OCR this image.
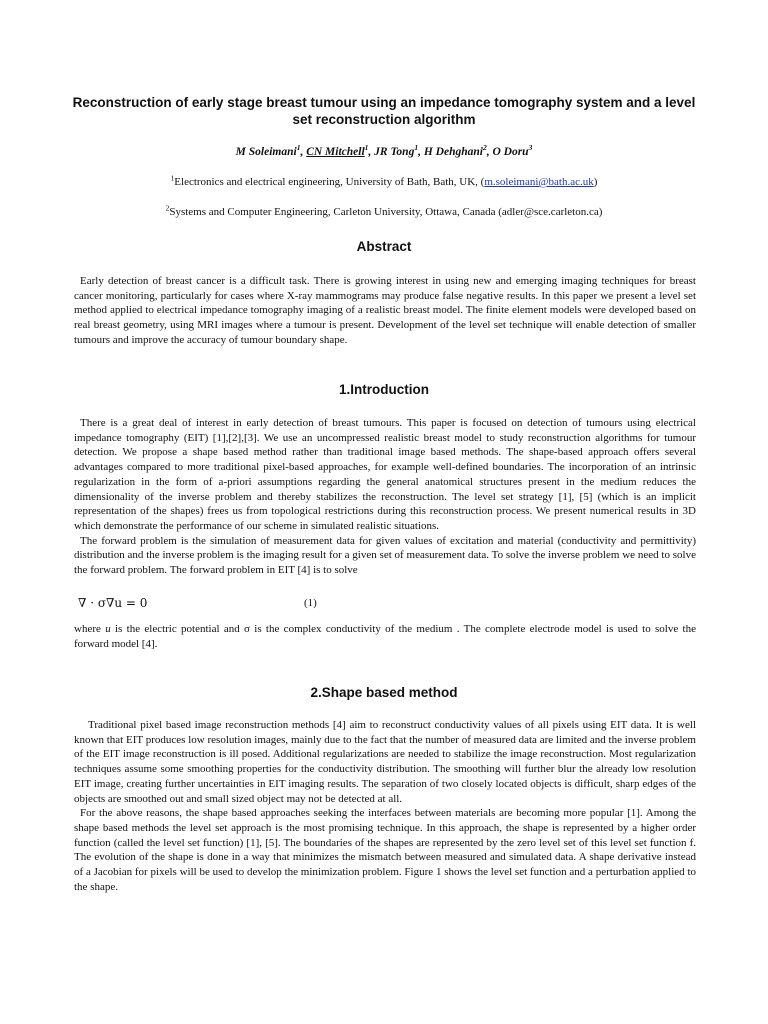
Reconstruction of early stage breast tumour using an impedance tomography system and a level set reconstruction algorithm

M Soleimani$^1$, CN Mitchell$^1$, JR Tong$^1$, H Dehghani$^2$, O Doru$^3$

$^1$Electronics and electrical engineering, University of Bath, Bath, UK, (m.soleimani@bath.ac.uk)

$^2$Systems and Computer Engineering, Carleton University, Ottawa, Canada (adler@sce.carleton.ca)

Abstract

Early detection of breast cancer is a difficult task. There is growing interest in using new and emerging imaging techniques for breast cancer monitoring, particularly for cases where X-ray mammograms may produce false negative results. In this paper we present a level set method applied to electrical impedance tomography imaging of a realistic breast model. The finite element models were developed based on real breast geometry, using MRI images where a tumour is present. Development of the level set technique will enable detection of smaller tumours and improve the accuracy of tumour boundary shape.

1.Introduction

There is a great deal of interest in early detection of breast tumours. This paper is focused on detection of tumours using electrical impedance tomography (EIT) [1],[2],[3]. We use an uncompressed realistic breast model to study reconstruction algorithms for tumour detection. We propose a shape based method rather than traditional image based methods. The shape-based approach offers several advantages compared to more traditional pixel-based approaches, for example well-defined boundaries. The incorporation of an intrinsic regularization in the form of a-priori assumptions regarding the general anatomical structures present in the medium reduces the dimensionality of the inverse problem and thereby stabilizes the reconstruction. The level set strategy [1], [5] (which is an implicit representation of the shapes) frees us from topological restrictions during this reconstruction process. We present numerical results in 3D which demonstrate the performance of our scheme in simulated realistic situations.

The forward problem is the simulation of measurement data for given values of excitation and material (conductivity and permittivity) distribution and the inverse problem is the imaging result for a given set of measurement data. To solve the inverse problem we need to solve the forward problem. The forward problem in EIT [4] is to solve

∇ · σ∇u = 0	(1)

where u is the electric potential and σ is the complex conductivity of the medium . The complete electrode model is used to solve the forward model [4].

2.Shape based method

Traditional pixel based image reconstruction methods [4] aim to reconstruct conductivity values of all pixels using EIT data. It is well known that EIT produces low resolution images, mainly due to the fact that the number of measured data are limited and the inverse problem of the EIT image reconstruction is ill posed. Additional regularizations are needed to stabilize the image reconstruction. Most regularization techniques assume some smoothing properties for the conductivity distribution. The smoothing will further blur the already low resolution EIT image, creating further uncertainties in EIT imaging results. The separation of two closely located objects is difficult, sharp edges of the objects are smoothed out and small sized object may not be detected at all.

For the above reasons, the shape based approaches seeking the interfaces between materials are becoming more popular [1]. Among the shape based methods the level set approach is the most promising technique. In this approach, the shape is represented by a higher order function (called the level set function) [1], [5]. The boundaries of the shapes are represented by the zero level set of this level set function f. The evolution of the shape is done in a way that minimizes the mismatch between measured and simulated data. A shape derivative instead of a Jacobian for pixels will be used to develop the minimization problem. Figure 1 shows the level set function and a perturbation applied to the shape.
